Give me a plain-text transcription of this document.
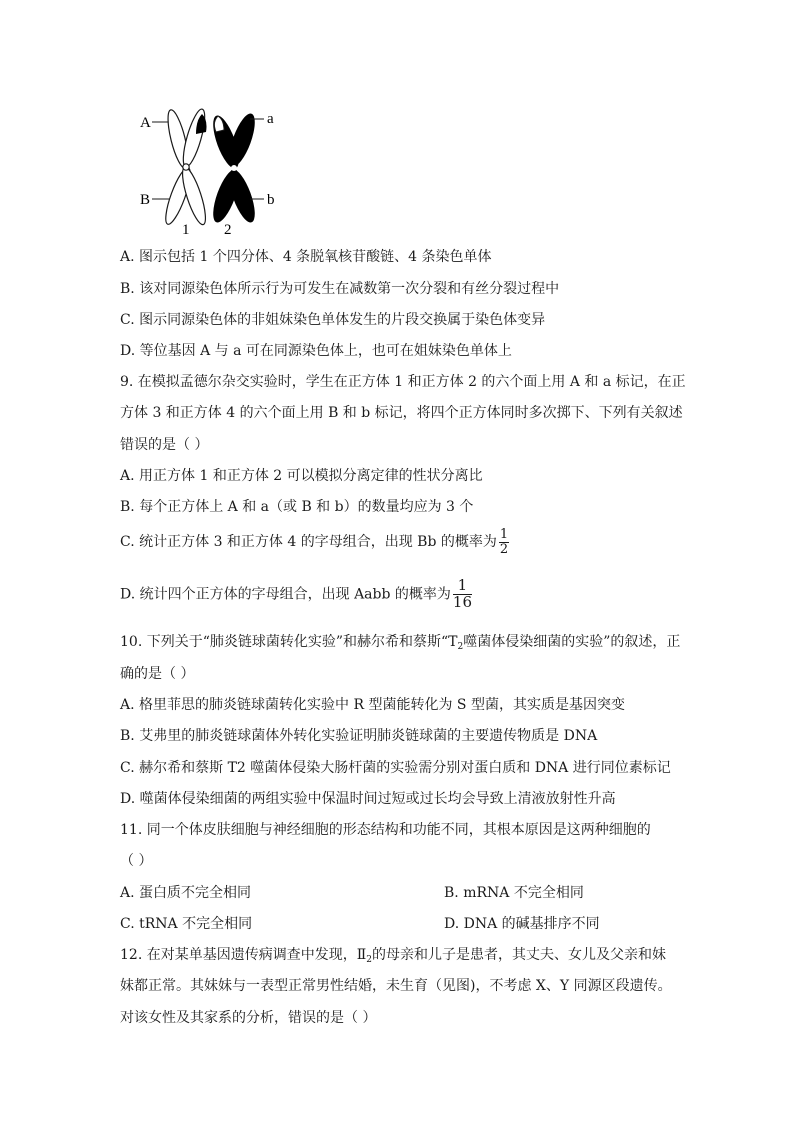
A
B
a
b
1 2
A. 图示包括 1 个四分体、4 条脱氧核苷酸链、4 条染色单体
B. 该对同源染色体所示行为可发生在减数第一次分裂和有丝分裂过程中
C. 图示同源染色体的非姐妹染色单体发生的片段交换属于染色体变异
D. 等位基因 A 与 a 可在同源染色体上，也可在姐妹染色单体上
9. 在模拟孟德尔杂交实验时，学生在正方体 1 和正方体 2 的六个面上用 A 和 a 标记，在正
方体 3 和正方体 4 的六个面上用 B 和 b 标记，将四个正方体同时多次掷下、下列有关叙述
错误的是（ ）
A. 用正方体 1 和正方体 2 可以模拟分离定律的性状分离比
B. 每个正方体上 A 和 a（或 B 和 b）的数量均应为 3 个
C. 统计正方体 3 和正方体 4 的字母组合，出现 Bb 的概率为 $\frac{1}{2}$
D. 统计四个正方体的字母组合，出现 Aabb 的概率为 $\frac{1}{16}$
10. 下列关于“肺炎链球菌转化实验”和赫尔希和蔡斯“$T_2$噬菌体侵染细菌的实验”的叙述，正
确的是（ ）
A. 格里菲思的肺炎链球菌转化实验中 R 型菌能转化为 S 型菌，其实质是基因突变
B. 艾弗里的肺炎链球菌体外转化实验证明肺炎链球菌的主要遗传物质是 DNA
C. 赫尔希和蔡斯 T2 噬菌体侵染大肠杆菌的实验需分别对蛋白质和 DNA 进行同位素标记
D. 噬菌体侵染细菌的两组实验中保温时间过短或过长均会导致上清液放射性升高
11. 同一个体皮肤细胞与神经细胞的形态结构和功能不同，其根本原因是这两种细胞的
（ ）
A. 蛋白质不完全相同	B. mRNA 不完全相同
C. tRNA 不完全相同	D. DNA 的碱基排序不同
12. 在对某单基因遗传病调查中发现，$Ⅱ_2$的母亲和儿子是患者，其丈夫、女儿及父亲和妹
妹都正常。其妹妹与一表型正常男性结婚，未生育（见图)，不考虑 X、Y 同源区段遗传。
对该女性及其家系的分析，错误的是（ ）
